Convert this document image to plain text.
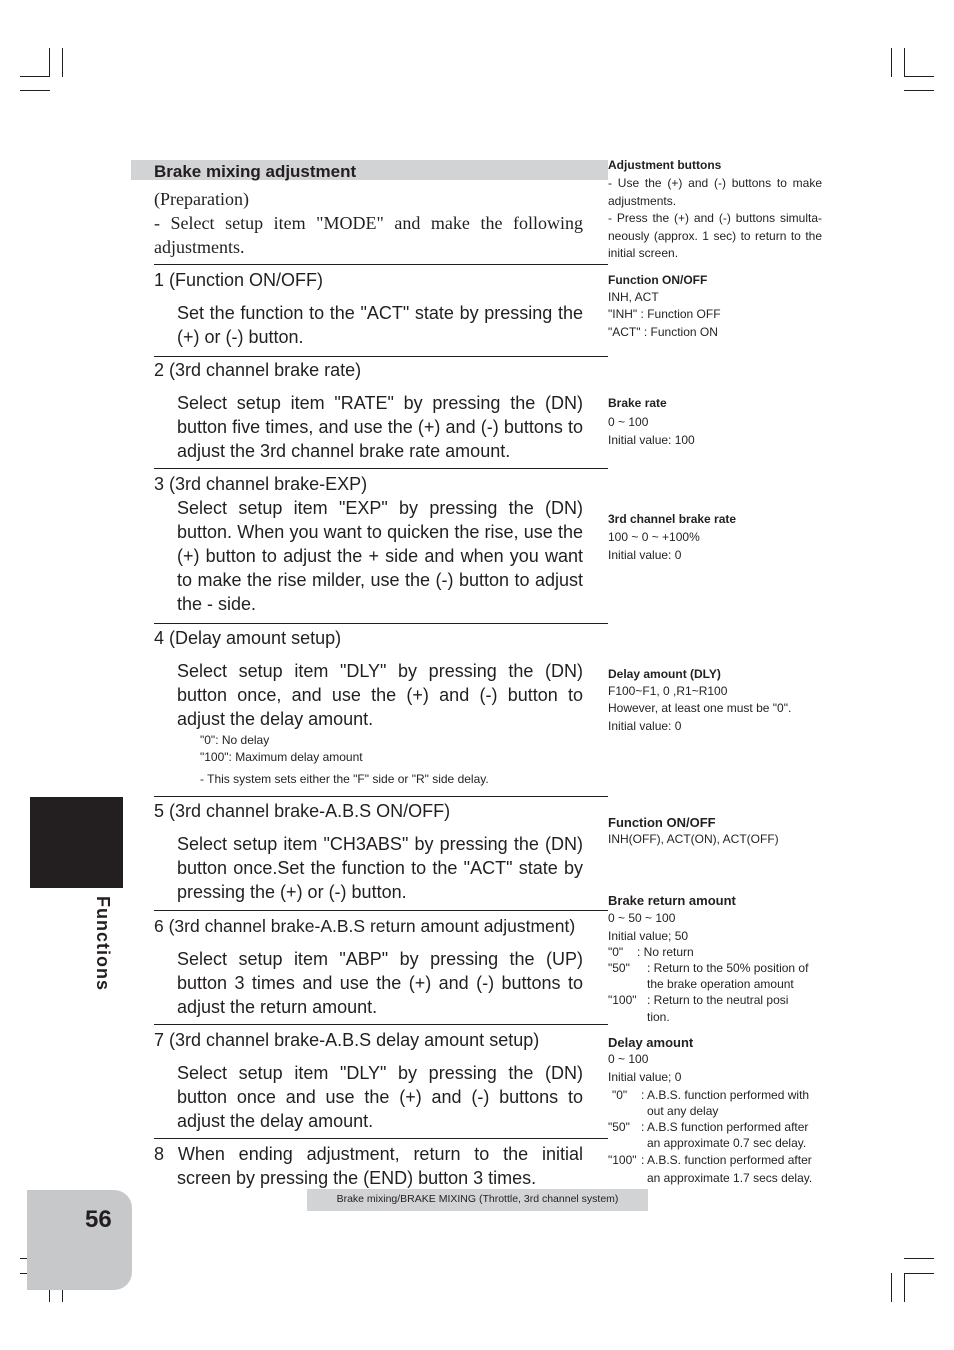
Brake mixing adjustment
(Preparation)
- Select setup item "MODE" and make the following adjustments.
1 (Function ON/OFF)
Set the function to the "ACT" state by pressing the (+) or (-) button.
2 (3rd channel brake rate)
Select setup item "RATE" by pressing the (DN) button five times, and use the (+) and (-) buttons to adjust the 3rd channel brake rate amount.
3 (3rd channel brake-EXP)
Select setup item "EXP" by pressing the (DN) button. When you want to quicken the rise, use the (+) button to adjust the + side and when you want to make the rise milder, use the (-) button to adjust the - side.
4 (Delay amount setup)
Select setup item "DLY" by pressing the (DN) button once, and use the (+) and (-) button to adjust the delay amount.
"0": No delay
"100": Maximum delay amount
- This system sets either the "F" side or "R" side delay.
5 (3rd channel brake-A.B.S ON/OFF)
Select setup item "CH3ABS" by pressing the (DN) button once.Set the function to the "ACT" state by pressing the (+) or (-) button.
6 (3rd channel brake-A.B.S return amount adjustment)
Select setup item "ABP" by pressing the (UP) button 3 times and use the (+) and (-) buttons to adjust the return amount.
7 (3rd channel brake-A.B.S delay amount setup)
Select setup item "DLY" by pressing the (DN) button once and use the (+) and (-) buttons to adjust the delay amount.
8 When ending adjustment, return to the initial
screen by pressing the (END) button 3 times.
Adjustment buttons
- Use the (+) and (-) buttons to make adjustments.
- Press the (+) and (-) buttons simulta-neously (approx. 1 sec) to return to the initial screen.
Function ON/OFF
INH, ACT
"INH" : Function OFF
"ACT" : Function ON
Brake rate
0 ~ 100
Initial value: 100
3rd channel brake rate
100 ~ 0 ~ +100%
Initial value: 0
Delay amount (DLY)
F100~F1, 0 ,R1~R100
However, at least one must be "0".
Initial value: 0
Function ON/OFF
INH(OFF), ACT(ON), ACT(OFF)
Brake return amount
0 ~ 50 ~ 100
Initial value; 50
"0" : No return
"50" : Return to the 50% position of
the brake operation amount
"100" : Return to the neutral posi
tion.
Delay amount
0 ~ 100
Initial value; 0
"0" : A.B.S. function performed with
out any delay
"50" : A.B.S function performed after
an approximate 0.7 sec delay.
"100" : A.B.S. function performed after
an approximate 1.7 secs delay.
Functions
56
Brake mixing/BRAKE MIXING (Throttle, 3rd channel system)
